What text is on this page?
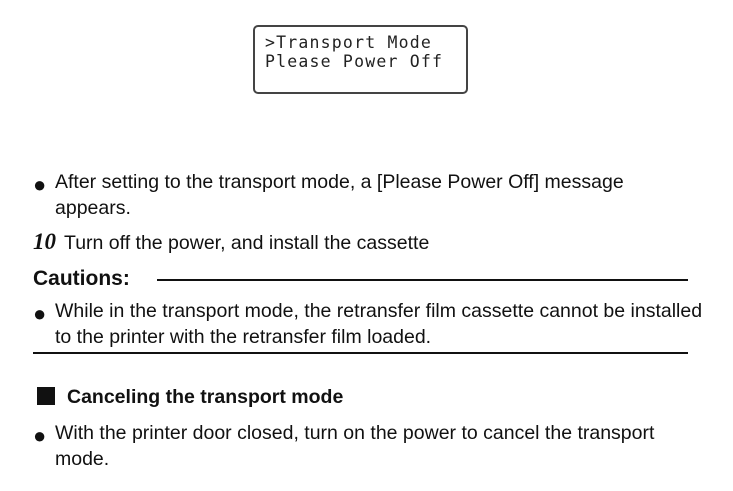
>Transport Mode
Please Power Off
● After setting to the transport mode, a [Please Power Off] message appears.
10 Turn off the power, and install the cassette
Cautions:
● While in the transport mode, the retransfer film cassette cannot be installed to the printer with the retransfer film loaded.
Canceling the transport mode
● With the printer door closed, turn on the power to cancel the transport mode.
